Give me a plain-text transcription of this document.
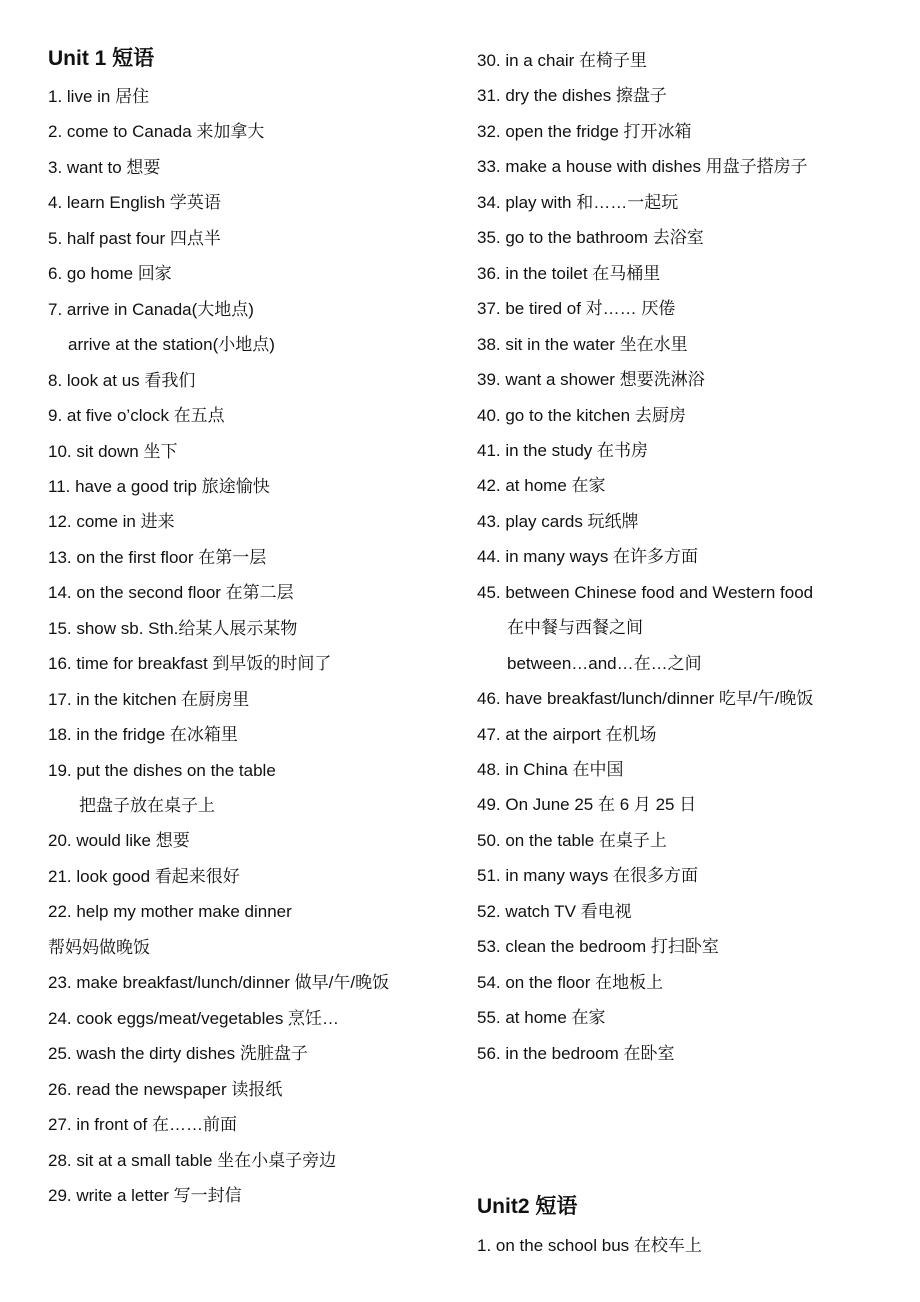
Unit 1 短语
1. live in 居住
2. come to Canada 来加拿大
3. want to 想要
4. learn English 学英语
5. half past four 四点半
6. go home 回家
7. arrive in Canada(大地点)
arrive at the station(小地点)
8. look at us 看我们
9. at five o’clock 在五点
10. sit down 坐下
11. have a good trip 旅途愉快
12. come in 进来
13. on the first floor 在第一层
14. on the second floor 在第二层
15. show sb. Sth.给某人展示某物
16. time for breakfast 到早饭的时间了
17. in the kitchen 在厨房里
18. in the fridge 在冰箱里
19. put the dishes on the table
把盘子放在桌子上
20. would like 想要
21. look good 看起来很好
22. help my mother make dinner
帮妈妈做晚饭
23. make breakfast/lunch/dinner 做早/午/晚饭
24. cook eggs/meat/vegetables 烹饪…
25. wash the dirty dishes 洗脏盘子
26. read the newspaper 读报纸
27. in front of 在……前面
28. sit at a small table 坐在小桌子旁边
29. write a letter 写一封信
30. in a chair 在椅子里
31. dry the dishes 擦盘子
32. open the fridge 打开冰箱
33. make a house with dishes 用盘子搭房子
34. play with 和……一起玩
35. go to the bathroom 去浴室
36. in the toilet 在马桶里
37. be tired of 对…… 厌倦
38. sit in the water 坐在水里
39. want a shower 想要洗淋浴
40. go to the kitchen 去厨房
41. in the study 在书房
42. at home 在家
43. play cards 玩纸牌
44. in many ways 在许多方面
45. between Chinese food and Western food
在中餐与西餐之间
between…and…在…之间
46. have breakfast/lunch/dinner 吃早/午/晚饭
47. at the airport 在机场
48. in China 在中国
49. On June 25 在 6 月 25 日
50. on the table 在桌子上
51. in many ways 在很多方面
52. watch TV 看电视
53. clean the bedroom 打扫卧室
54. on the floor 在地板上
55. at home 在家
56. in the bedroom 在卧室
Unit2 短语
1. on the school bus 在校车上
